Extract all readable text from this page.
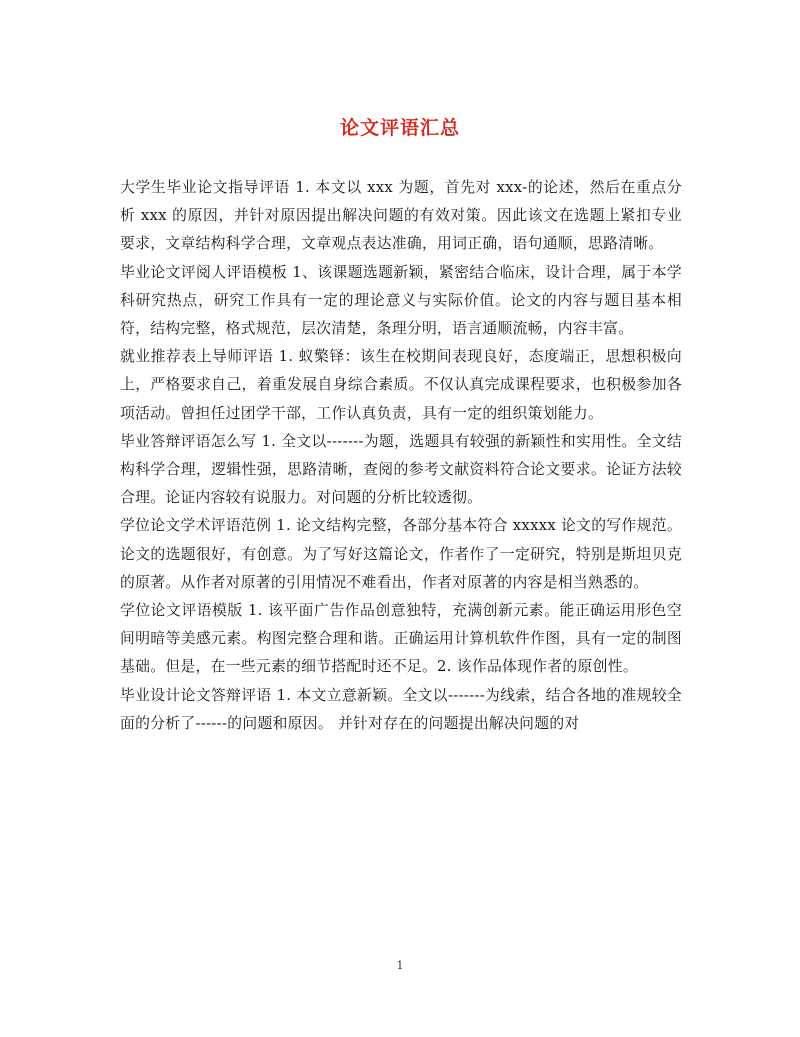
论文评语汇总

大学生毕业论文指导评语 1. 本文以 xxx 为题，首先对 xxx-的论述，然后在重点分析 xxx 的原因，并针对原因提出解决问题的有效对策。因此该文在选题上紧扣专业要求，文章结构科学合理，文章观点表达准确，用词正确，语句通顺，思路清晰。

毕业论文评阅人评语模板 1、该课题选题新颖，紧密结合临床，设计合理，属于本学科研究热点，研究工作具有一定的理论意义与实际价值。论文的内容与题目基本相符，结构完整，格式规范，层次清楚，条理分明，语言通顺流畅，内容丰富。

就业推荐表上导师评语 1. 蚁檠铎：该生在校期间表现良好，态度端正，思想积极向上，严格要求自己，着重发展自身综合素质。不仅认真完成课程要求，也积极参加各项活动。曾担任过团学干部，工作认真负责，具有一定的组织策划能力。

毕业答辩评语怎么写 1. 全文以-------为题，选题具有较强的新颖性和实用性。全文结构科学合理，逻辑性强，思路清晰，查阅的参考文献资料符合论文要求。论证方法较合理。论证内容较有说服力。对问题的分析比较透彻。

学位论文学术评语范例 1. 论文结构完整，各部分基本符合 xxxxx 论文的写作规范。论文的选题很好，有创意。为了写好这篇论文，作者作了一定研究，特别是斯坦贝克的原著。从作者对原著的引用情况不难看出，作者对原著的内容是相当熟悉的。

学位论文评语模版 1. 该平面广告作品创意独特，充满创新元素。能正确运用形色空间明暗等美感元素。构图完整合理和谐。正确运用计算机软件作图，具有一定的制图基础。但是，在一些元素的细节搭配时还不足。2. 该作品体现作者的原创性。

毕业设计论文答辩评语 1. 本文立意新颖。全文以-------为线索，结合各地的准规较全面的分析了------的问题和原因。 并针对存在的问题提出解决问题的对

1
